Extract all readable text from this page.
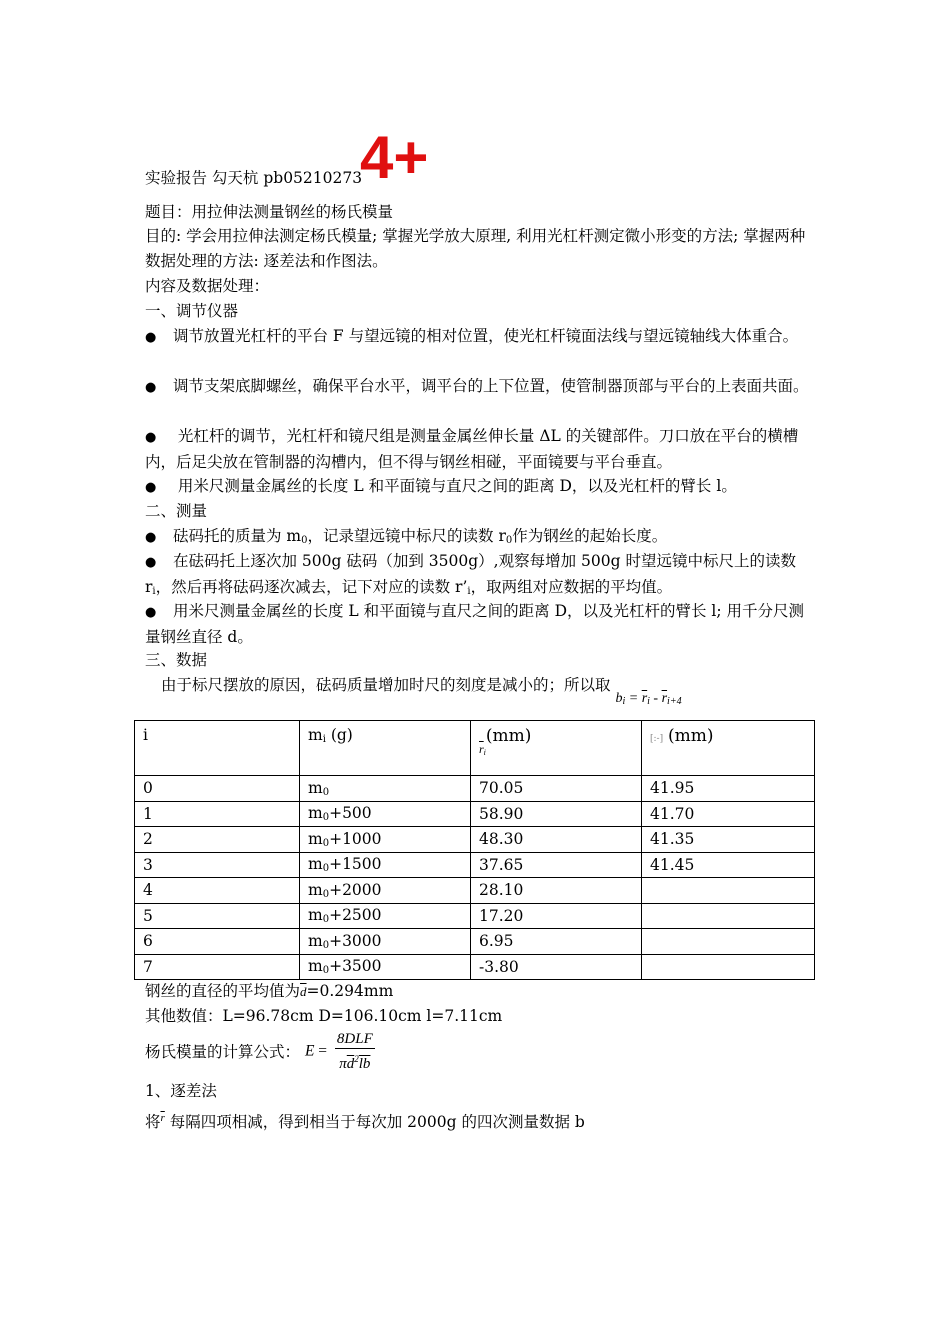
实验报告 勾天杭 pb05210273
4+
题目：用拉伸法测量钢丝的杨氏模量
目的: 学会用拉伸法测定杨氏模量; 掌握光学放大原理, 利用光杠杆测定微小形变的方法; 掌握两种数据处理的方法: 逐差法和作图法。
内容及数据处理：
一、调节仪器
● 调节放置光杠杆的平台 F 与望远镜的相对位置，使光杠杆镜面法线与望远镜轴线大体重合。
● 调节支架底脚螺丝，确保平台水平，调平台的上下位置，使管制器顶部与平台的上表面共面。
● 光杠杆的调节，光杠杆和镜尺组是测量金属丝伸长量 ΔL 的关键部件。刀口放在平台的横槽内，后足尖放在管制器的沟槽内，但不得与钢丝相碰，平面镜要与平台垂直。
● 用米尺测量金属丝的长度 L 和平面镜与直尺之间的距离 D，以及光杠杆的臂长 l。
二、测量
● 砝码托的质量为 $m_0$，记录望远镜中标尺的读数 $r_0$作为钢丝的起始长度。
● 在砝码托上逐次加 500g 砝码（加到 3500g）,观察每增加 500g 时望远镜中标尺上的读数 $r_i$，然后再将砝码逐次减去，记下对应的读数 $r’_i$，取两组对应数据的平均值。
● 用米尺测量金属丝的长度 L 和平面镜与直尺之间的距离 D，以及光杠杆的臂长 l; 用千分尺测量钢丝直径 d。
三、数据
由于标尺摆放的原因，砝码质量增加时尺的刻度是减小的；所以取 $b_i = \overline{r}_i - \overline{r}_{i+4}$
i	$m_i$ (g)	$_{\overline{r}i}$(mm)	[:-] (mm)
0	$m_0$	70.05	41.95
1	$m_0+500$	58.90	41.70
2	$m_0+1000$	48.30	41.35
3	$m_0+1500$	37.65	41.45
4	$m_0+2000$	28.10	
5	$m_0+2500$	17.20	
6	$m_0+3000$	6.95	
7	$m_0+3500$	-3.80	
钢丝的直径的平均值为$\overline{d}=0.294mm$
其他数值：L=96.78cm D=106.10cm l=7.11cm
杨氏模量的计算公式： $E = \frac{\text{8DLF}}{\pi\overline{d}^2\overline{lb}}$
1、逐差法
将$^{\overline{r}}$ 每隔四项相减，得到相当于每次加 2000g 的四次测量数据 b
